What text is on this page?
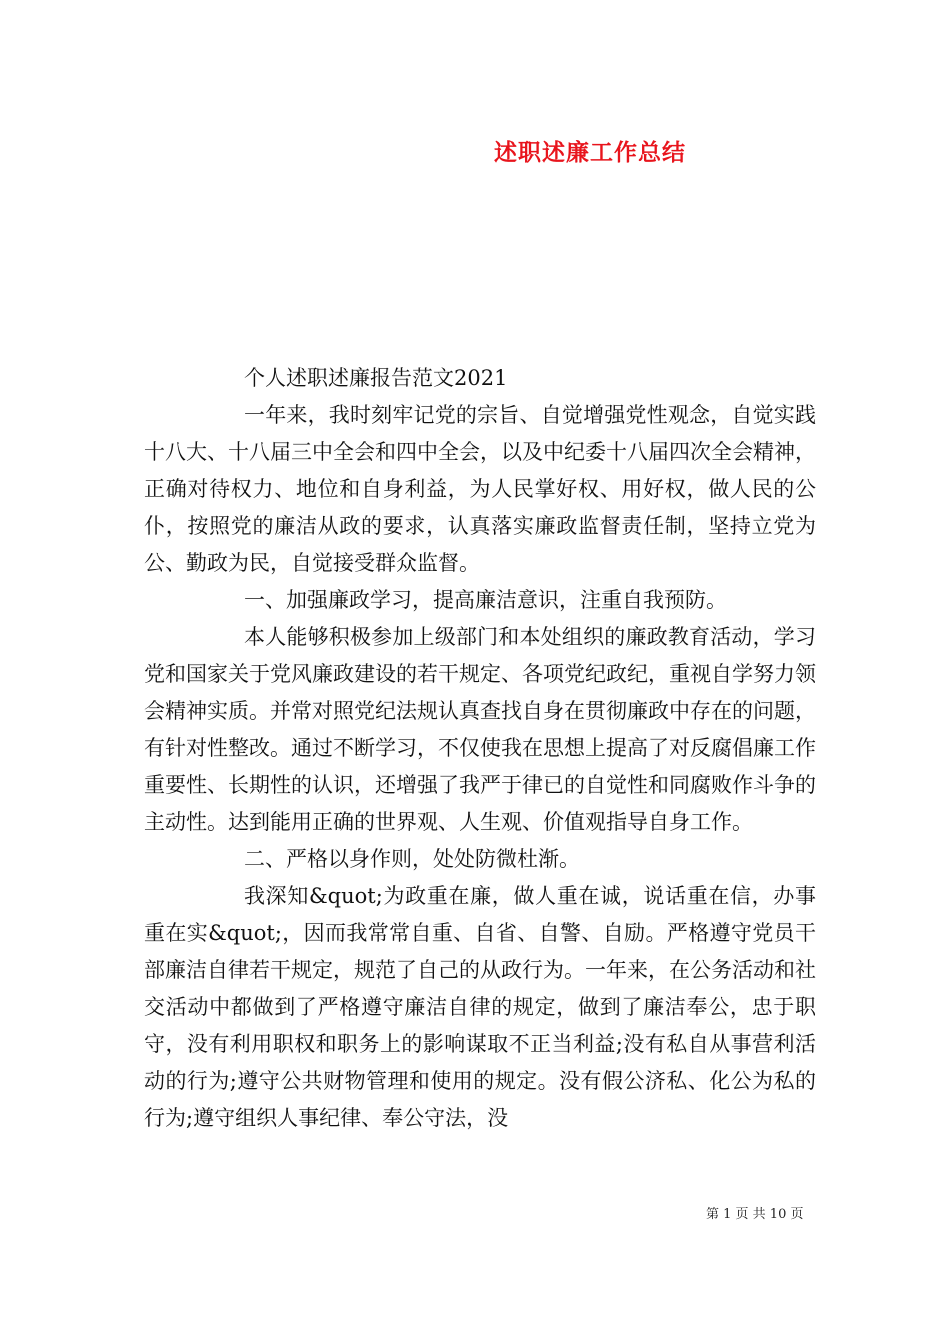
述职述廉工作总结

个人述职述廉报告范文2021

一年来，我时刻牢记党的宗旨、自觉增强党性观念，自觉实践十八大、十八届三中全会和四中全会，以及中纪委十八届四次全会精神，正确对待权力、地位和自身利益，为人民掌好权、用好权，做人民的公仆，按照党的廉洁从政的要求，认真落实廉政监督责任制，坚持立党为公、勤政为民，自觉接受群众监督。

一、加强廉政学习，提高廉洁意识，注重自我预防。

本人能够积极参加上级部门和本处组织的廉政教育活动，学习党和国家关于党风廉政建设的若干规定、各项党纪政纪，重视自学努力领会精神实质。并常对照党纪法规认真查找自身在贯彻廉政中存在的问题，有针对性整改。通过不断学习，不仅使我在思想上提高了对反腐倡廉工作重要性、长期性的认识，还增强了我严于律已的自觉性和同腐败作斗争的主动性。达到能用正确的世界观、人生观、价值观指导自身工作。

二、严格以身作则，处处防微杜渐。

我深知&quot;为政重在廉，做人重在诚，说话重在信，办事重在实&quot;，因而我常常自重、自省、自警、自励。严格遵守党员干部廉洁自律若干规定，规范了自己的从政行为。一年来，在公务活动和社交活动中都做到了严格遵守廉洁自律的规定，做到了廉洁奉公，忠于职守，没有利用职权和职务上的影响谋取不正当利益;没有私自从事营利活动的行为;遵守公共财物管理和使用的规定。没有假公济私、化公为私的行为;遵守组织人事纪律、奉公守法，没

第 1 页 共 10 页
